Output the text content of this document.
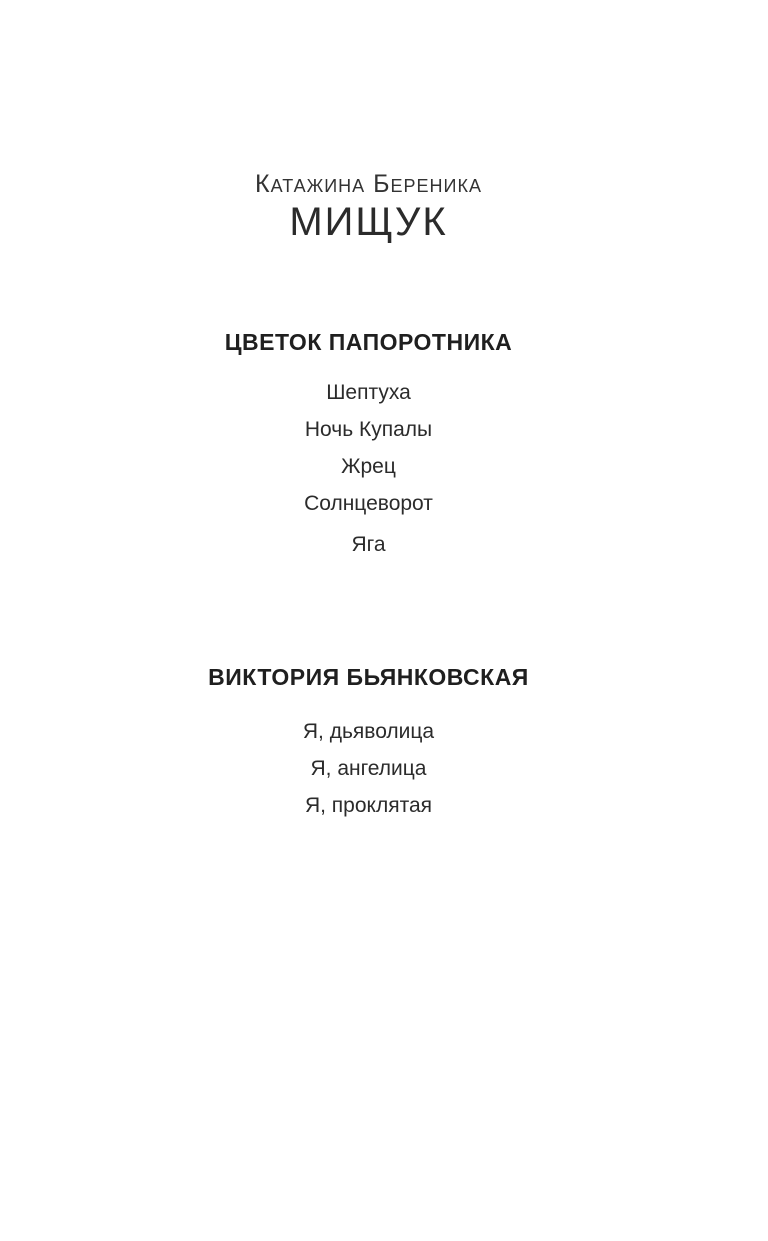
Катажина Береника
МИЩУК
ЦВЕТОК ПАПОРОТНИКА
Шептуха
Ночь Купалы
Жрец
Солнцеворот
Яга
ВИКТОРИЯ БЬЯНКОВСКАЯ
Я, дьяволица
Я, ангелица
Я, проклятая
